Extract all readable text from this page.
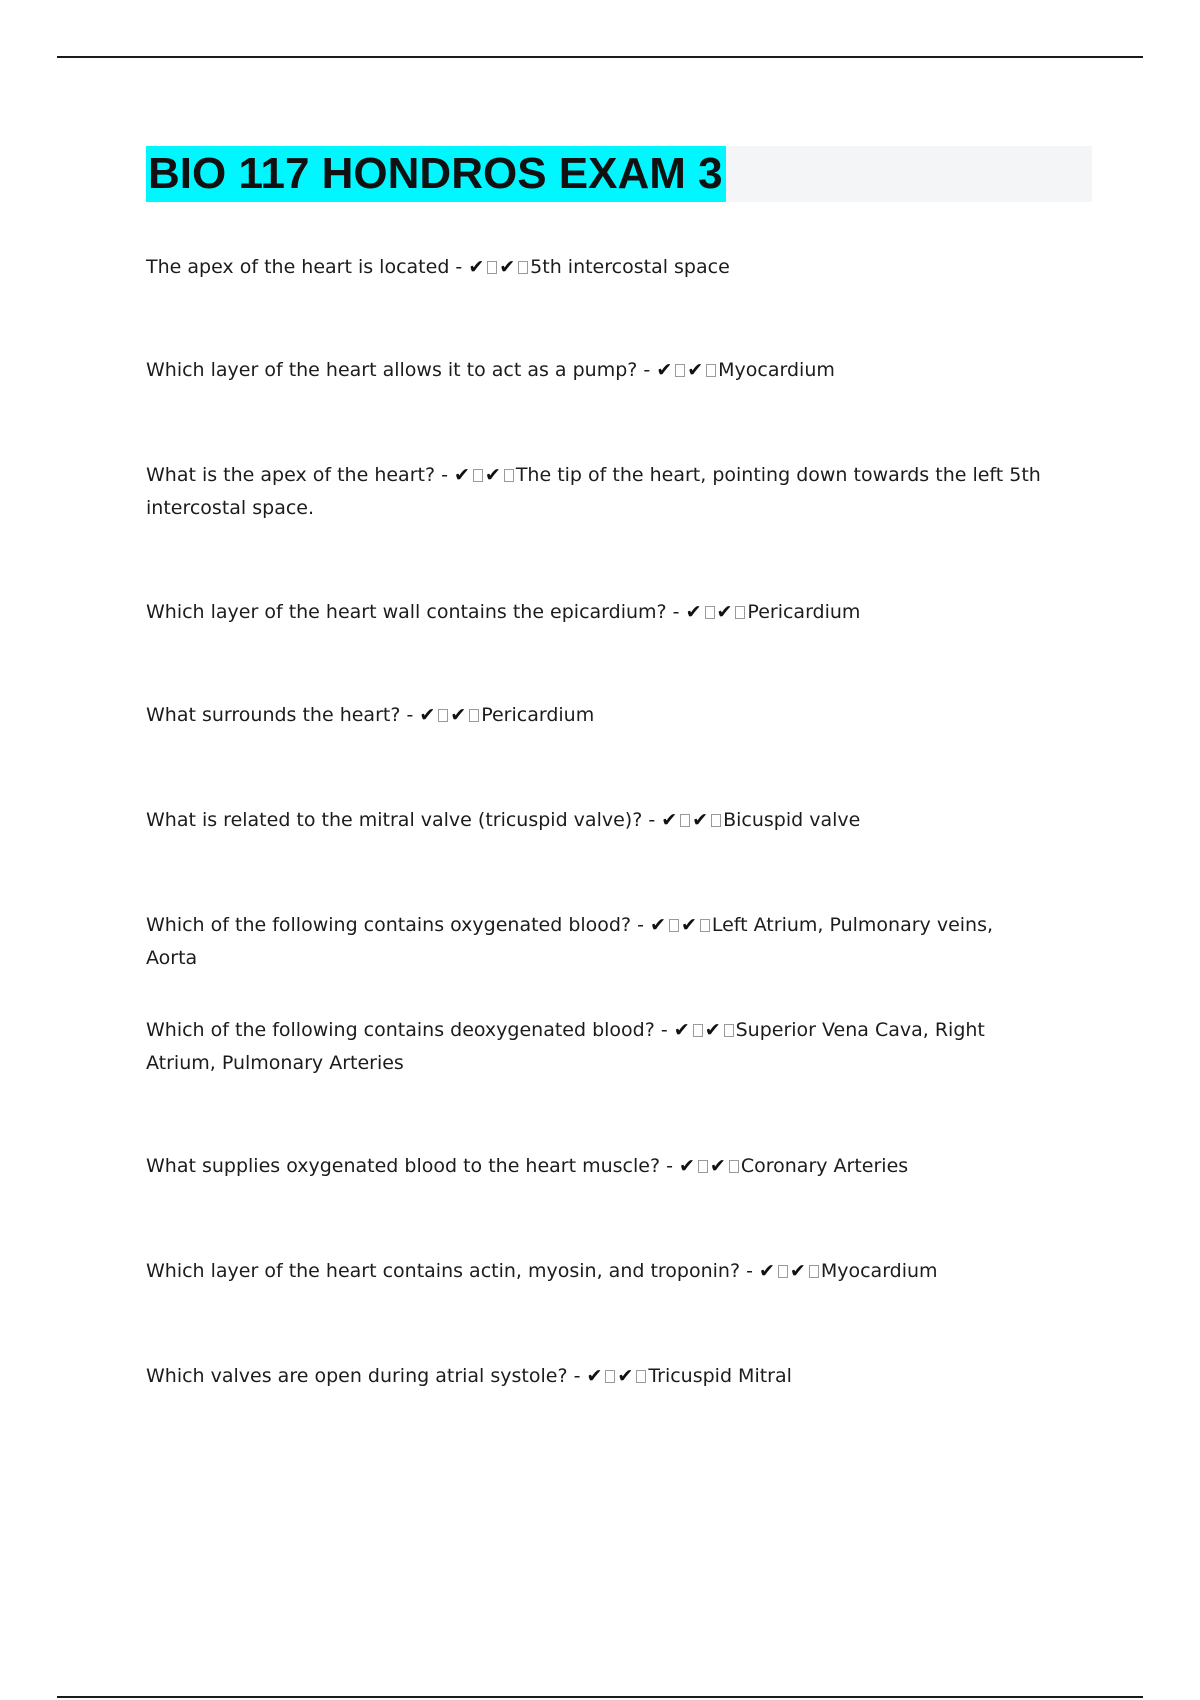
BIO 117 HONDROS EXAM 3
The apex of the heart is located - ✔ ✔ 5th intercostal space
Which layer of the heart allows it to act as a pump? - ✔ ✔ Myocardium
What is the apex of the heart? - ✔ ✔ The tip of the heart, pointing down towards the left 5th intercostal space.
Which layer of the heart wall contains the epicardium? - ✔ ✔ Pericardium
What surrounds the heart? - ✔ ✔ Pericardium
What is related to the mitral valve (tricuspid valve)? - ✔ ✔ Bicuspid valve
Which of the following contains oxygenated blood? - ✔ ✔ Left Atrium, Pulmonary veins, Aorta
Which of the following contains deoxygenated blood? - ✔ ✔ Superior Vena Cava, Right Atrium, Pulmonary Arteries
What supplies oxygenated blood to the heart muscle? - ✔ ✔ Coronary Arteries
Which layer of the heart contains actin, myosin, and troponin? - ✔ ✔ Myocardium
Which valves are open during atrial systole? - ✔ ✔ Tricuspid Mitral
